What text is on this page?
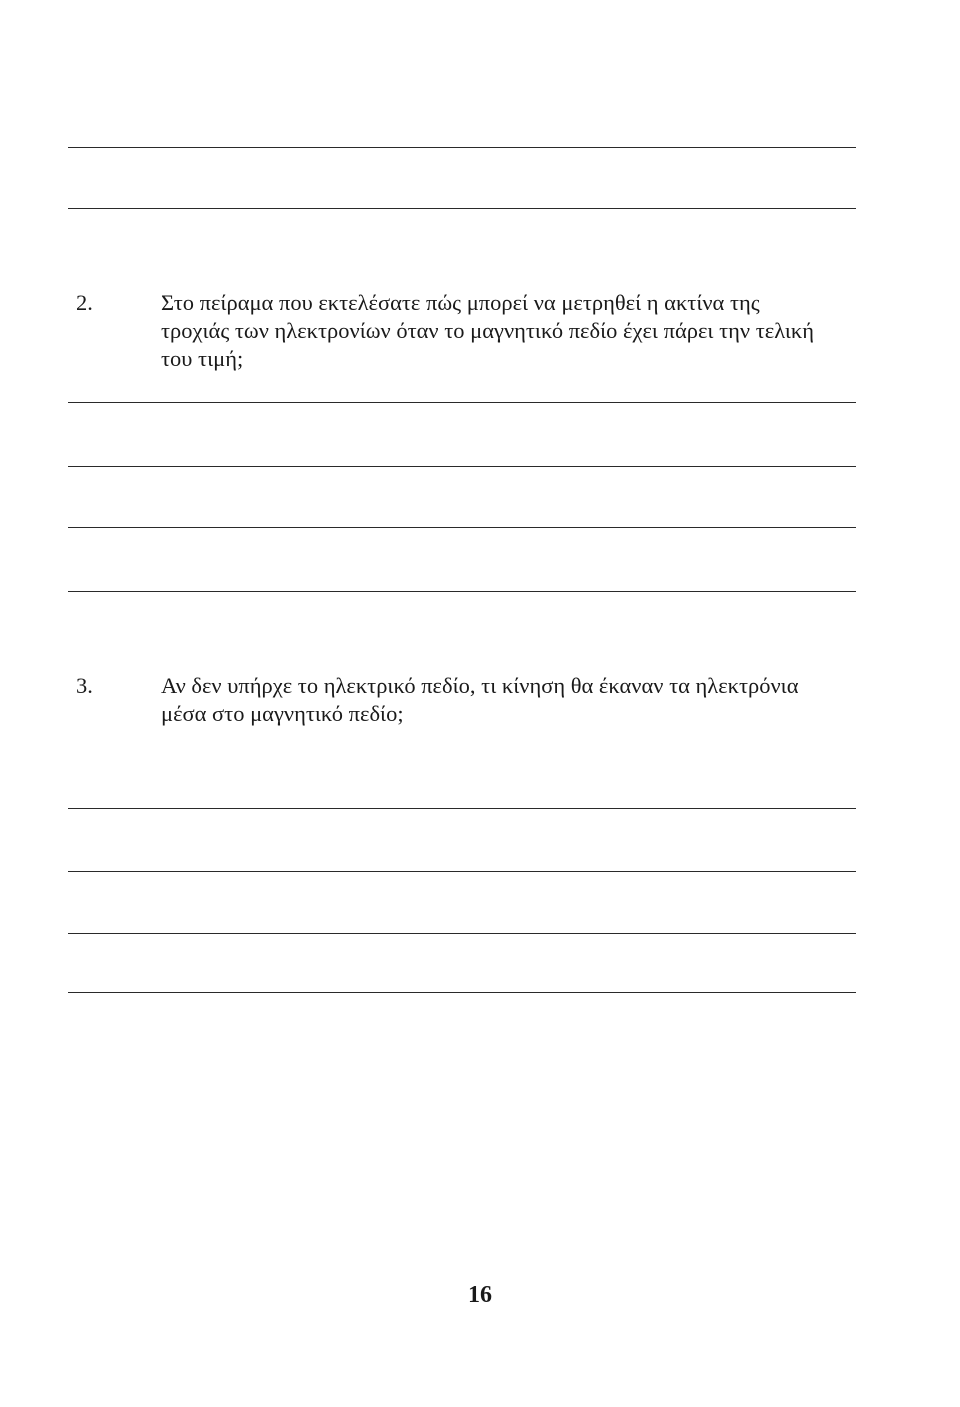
2.	Στο πείραμα που εκτελέσατε πώς μπορεί να μετρηθεί η ακτίνα της
τροχιάς των ηλεκτρονίων όταν το μαγνητικό πεδίο έχει πάρει την τελική
του τιμή;
3.	Αν δεν υπήρχε το ηλεκτρικό πεδίο, τι κίνηση θα έκαναν τα ηλεκτρόνια
μέσα στο μαγνητικό πεδίο;
16
